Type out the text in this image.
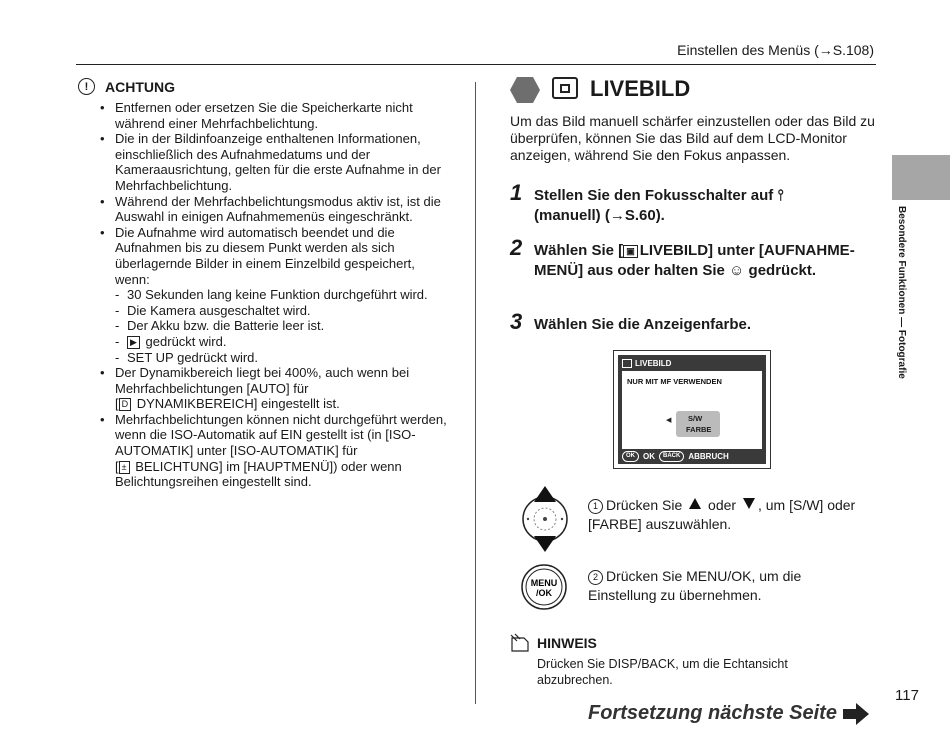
Einstellen des Menüs (→S.108)
!	ACHTUNG
• Entfernen oder ersetzen Sie die Speicherkarte nicht während einer Mehrfachbelichtung.
• Die in der Bildinfoanzeige enthaltenen Informationen, einschließlich des Aufnahmedatums und der Kameraausrichtung, gelten für die erste Aufnahme in der Mehrfachbelichtung.
• Während der Mehrfachbelichtungsmodus aktiv ist, ist die Auswahl in einigen Aufnahmemenüs eingeschränkt.
• Die Aufnahme wird automatisch beendet und die Aufnahmen bis zu diesem Punkt werden als sich überlagernde Bilder in einem Einzelbild gespeichert, wenn:
- 30 Sekunden lang keine Funktion durchgeführt wird.
- Die Kamera ausgeschaltet wird.
- Der Akku bzw. die Batterie leer ist.
- ▶ gedrückt wird.
- SET UP gedrückt wird.
• Der Dynamikbereich liegt bei 400%, auch wenn bei Mehrfachbelichtungen [AUTO] für
[ D DYNAMIKBEREICH] eingestellt ist.
• Mehrfachbelichtungen können nicht durchgeführt werden, wenn die ISO-Automatik auf EIN gestellt ist (in [ISO-AUTOMATIK] unter [ISO-AUTOMATIK] für
[ ± BELICHTUNG] im [HAUPTMENÜ]) oder wenn Belichtungsreihen eingestellt sind.
LIVEBILD
Um das Bild manuell schärfer einzustellen oder das Bild zu überprüfen, können Sie das Bild auf dem LCD-Monitor anzeigen, während Sie den Fokus anpassen.
1 Stellen Sie den Fokusschalter auf ⫯
(manuell) (→S.60).
2 Wählen Sie [ ▣ LIVEBILD] unter [AUFNAHME-MENÜ] aus oder halten Sie ☺ gedrückt.
3 Wählen Sie die Anzeigenfarbe.
LIVEBILD
NUR MIT MF VERWENDEN
◀ S/W
FARBE
OK	OK	BACK	ABBRUCH
MENU
/OK
1 Drücken Sie oder , um [S/W] oder [FARBE] auszuwählen.
2 Drücken Sie MENU/OK, um die Einstellung zu übernehmen.
HINWEIS
Drücken Sie DISP/BACK, um die Echtansicht abzubrechen.
Besondere Funktionen — Fotografie
117
Fortsetzung nächste Seite
